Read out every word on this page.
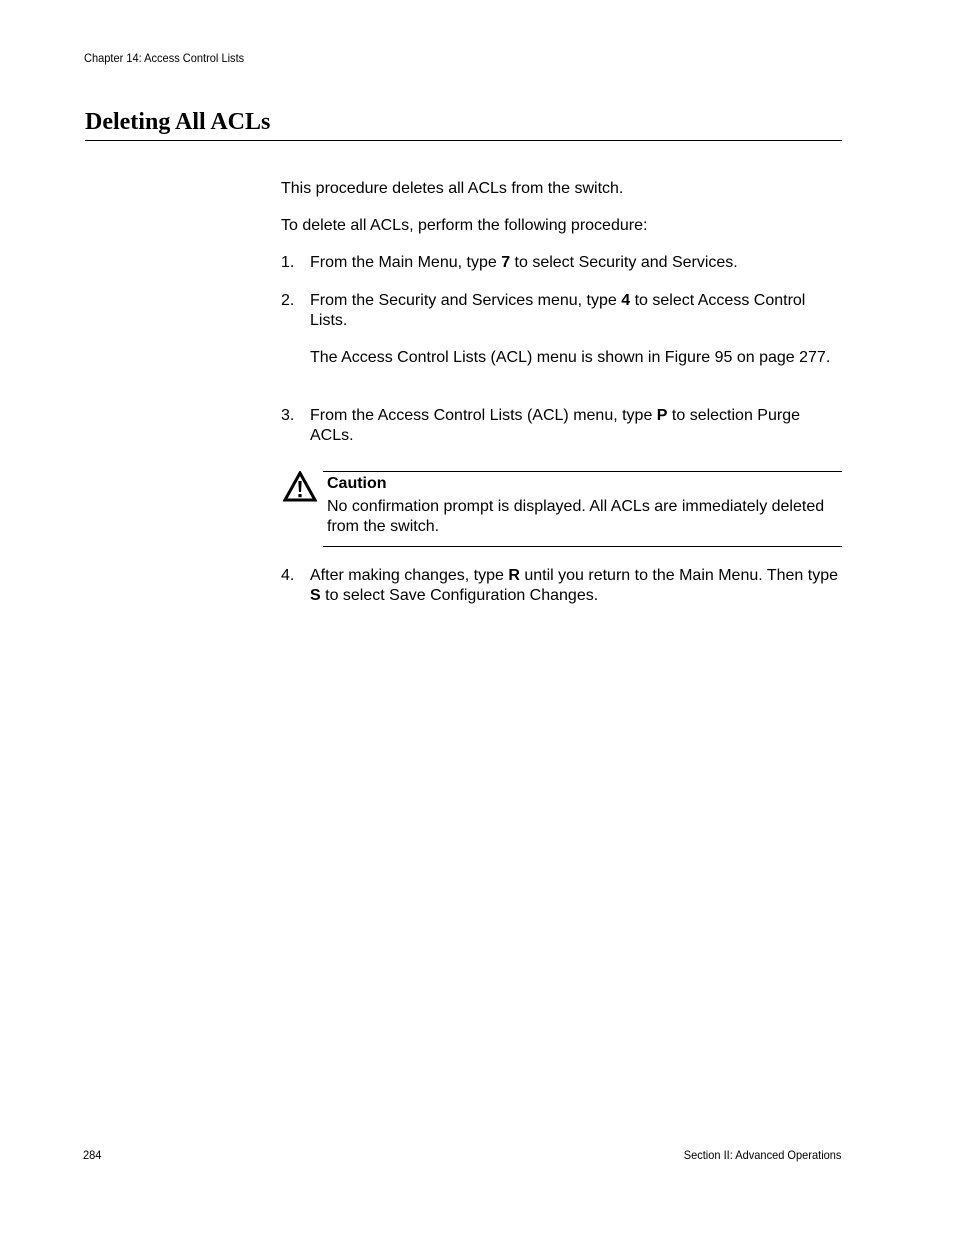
Chapter 14: Access Control Lists
Deleting All ACLs

This procedure deletes all ACLs from the switch.

To delete all ACLs, perform the following procedure:

1. From the Main Menu, type 7 to select Security and Services.
2. From the Security and Services menu, type 4 to select Access Control Lists.

The Access Control Lists (ACL) menu is shown in Figure 95 on page 277.

3. From the Access Control Lists (ACL) menu, type P to selection Purge ACLs.
Caution
No confirmation prompt is displayed. All ACLs are immediately deleted from the switch.
4. After making changes, type R until you return to the Main Menu. Then type S to select Save Configuration Changes.
284	Section II: Advanced Operations
